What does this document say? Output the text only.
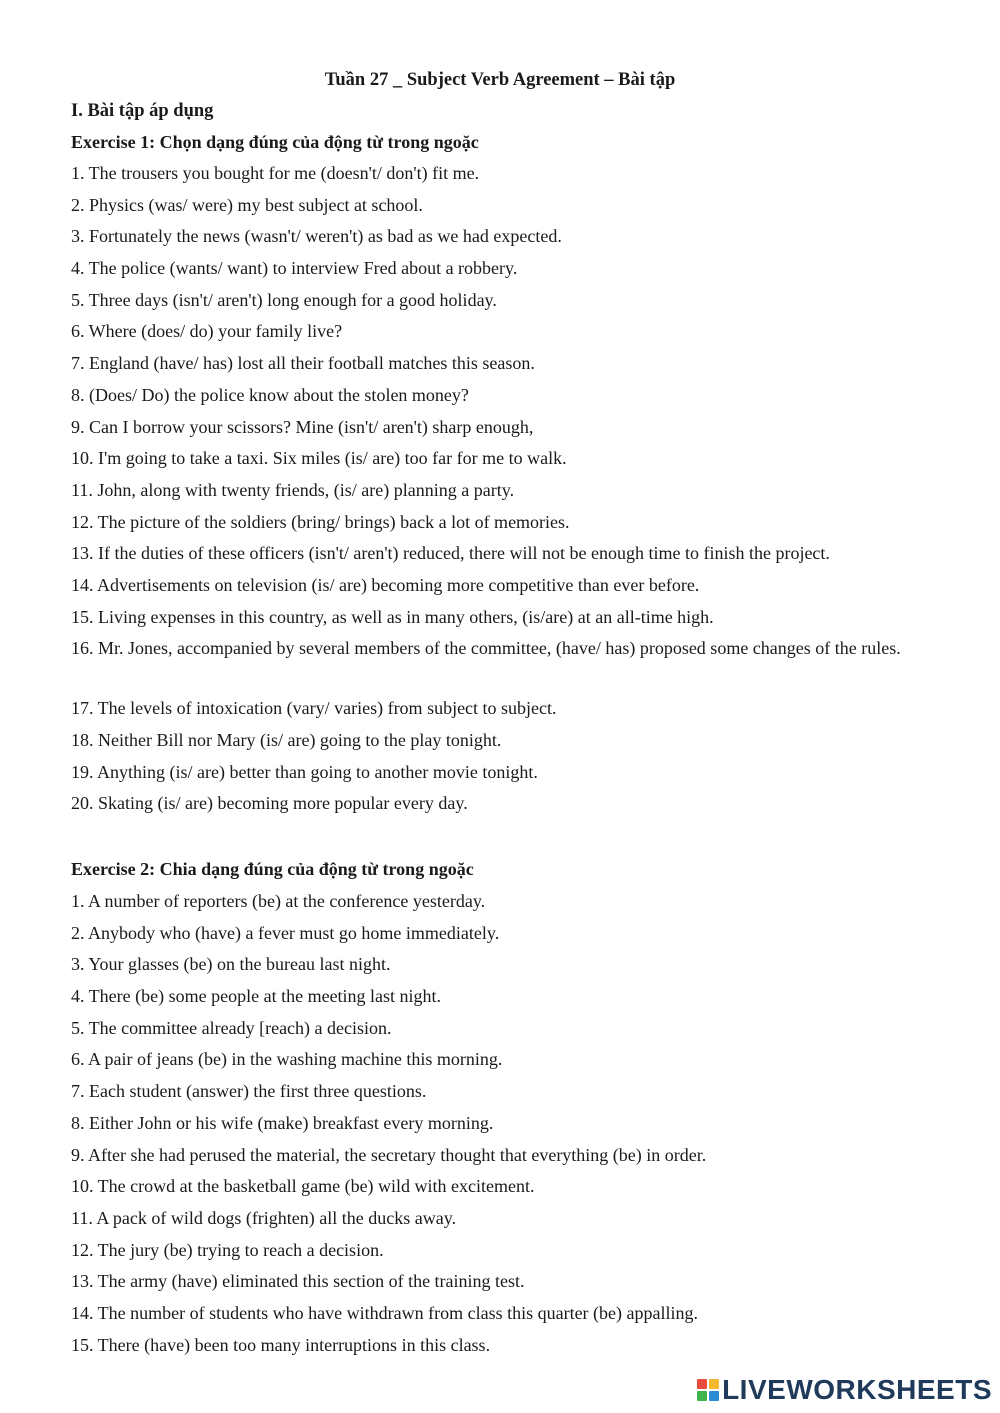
Tuần 27 _ Subject Verb Agreement – Bài tập
I. Bài tập áp dụng
Exercise 1: Chọn dạng đúng của động từ trong ngoặc
1. The trousers you bought for me (doesn't/ don't) fit me.
2. Physics (was/ were) my best subject at school.
3. Fortunately the news (wasn't/ weren't) as bad as we had expected.
4. The police (wants/ want) to interview Fred about a robbery.
5. Three days (isn't/ aren't) long enough for a good holiday.
6. Where (does/ do) your family live?
7. England (have/ has) lost all their football matches this season.
8. (Does/ Do) the police know about the stolen money?
9. Can I borrow your scissors? Mine (isn't/ aren't) sharp enough,
10. I'm going to take a taxi. Six miles (is/ are) too far for me to walk.
11. John, along with twenty friends, (is/ are) planning a party.
12. The picture of the soldiers (bring/ brings) back a lot of memories.
13. If the duties of these officers (isn't/ aren't) reduced, there will not be enough time to finish the project.
14. Advertisements on television (is/ are) becoming more competitive than ever before.
15. Living expenses in this country, as well as in many others, (is/are) at an all-time high.
16. Mr. Jones, accompanied by several members of the committee, (have/ has) proposed some changes of the rules.
17. The levels of intoxication (vary/ varies) from subject to subject.
18. Neither Bill nor Mary (is/ are) going to the play tonight.
19. Anything (is/ are) better than going to another movie tonight.
20. Skating (is/ are) becoming more popular every day.
Exercise 2: Chia dạng đúng của động từ trong ngoặc
1. A number of reporters (be) at the conference yesterday.
2. Anybody who (have) a fever must go home immediately.
3. Your glasses (be) on the bureau last night.
4. There (be) some people at the meeting last night.
5. The committee already [reach) a decision.
6. A pair of jeans (be) in the washing machine this morning.
7. Each student (answer) the first three questions.
8. Either John or his wife (make) breakfast every morning.
9. After she had perused the material, the secretary thought that everything (be) in order.
10. The crowd at the basketball game (be) wild with excitement.
11. A pack of wild dogs (frighten) all the ducks away.
12. The jury (be) trying to reach a decision.
13. The army (have) eliminated this section of the training test.
14. The number of students who have withdrawn from class this quarter (be) appalling.
15. There (have) been too many interruptions in this class.
LIVEWORKSHEETS
